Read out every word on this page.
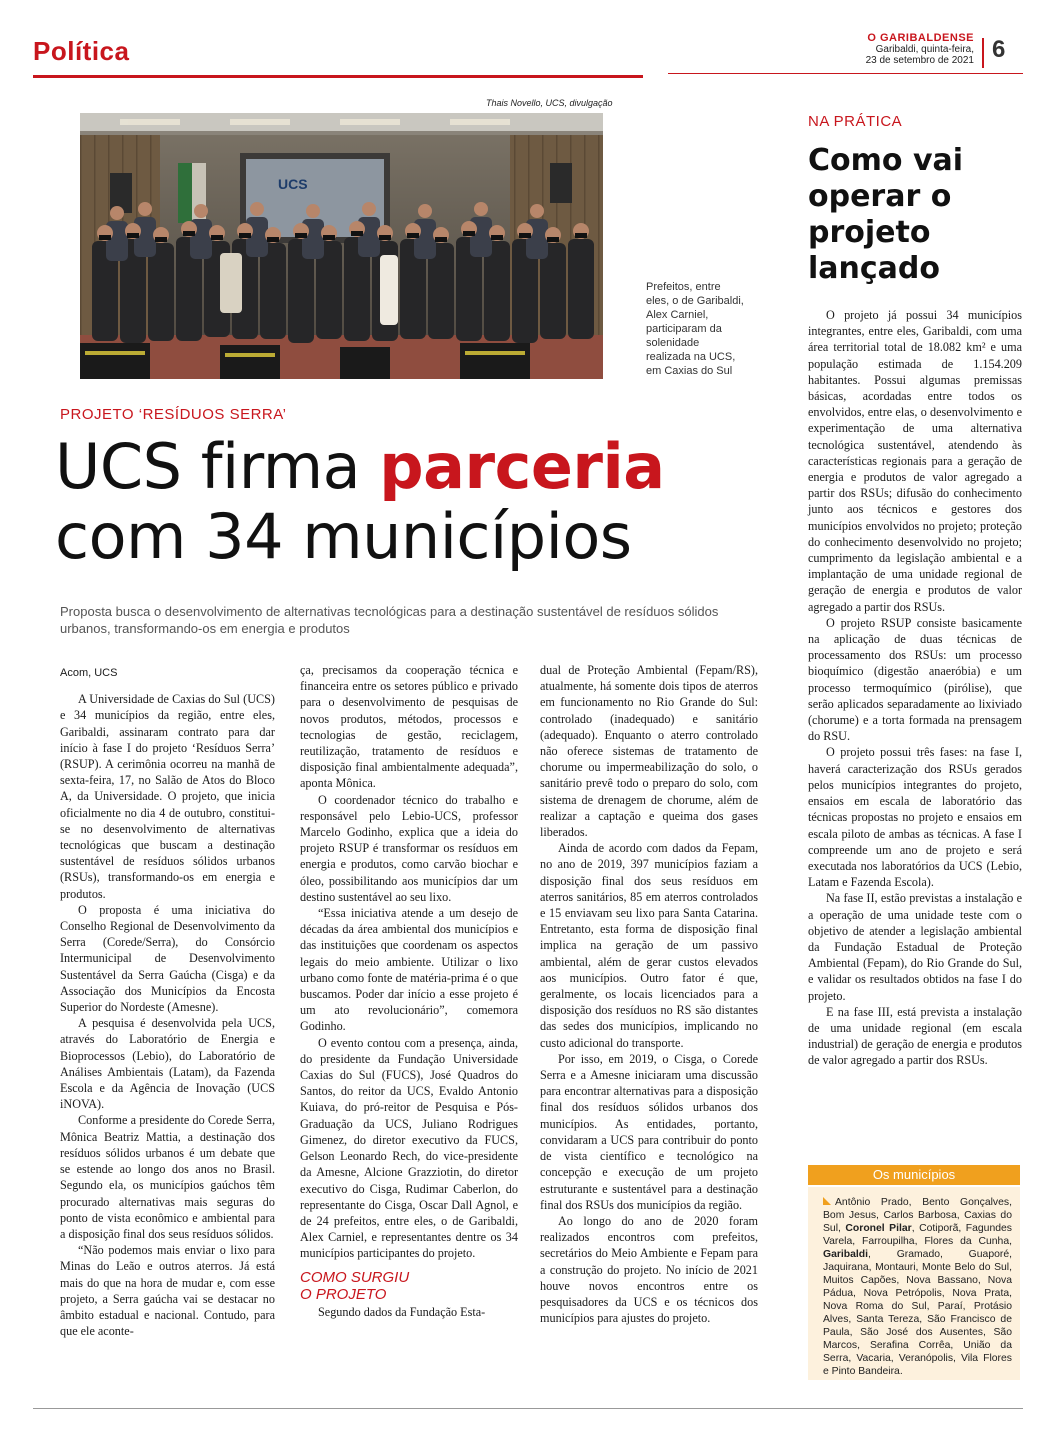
Política	O GARIBALDENSE
Garibaldi, quinta-feira,
23 de setembro de 2021 6
Thais Novello, UCS, divulgação
UCS
Prefeitos, entre eles, o de Garibaldi, Alex Carniel, participaram da solenidade realizada na UCS, em Caxias do Sul
PROJETO ‘RESÍDUOS SERRA’
UCS firma parceria
com 34 municípios
Proposta busca o desenvolvimento de alternativas tecnológicas para a destinação sustentável de resíduos sólidos urbanos, transformando-os em energia e produtos

Acom, UCS

A Universidade de Caxias do Sul (UCS) e 34 municípios da região, entre eles, Garibaldi, assinaram contrato para dar início à fase I do projeto ‘Resíduos Serra’ (RSUP). A cerimônia ocorreu na manhã de sexta-feira, 17, no Salão de Atos do Bloco A, da Universidade. O projeto, que inicia oficialmente no dia 4 de outubro, constitui-se no desenvolvimento de alternativas tecnológicas que buscam a destinação sustentável de resíduos sólidos urbanos (RSUs), transformando-os em energia e produtos.

O proposta é uma iniciativa do Conselho Regional de Desenvolvimento da Serra (Corede/Serra), do Consórcio Intermunicipal de Desenvolvimento Sustentável da Serra Gaúcha (Cisga) e da Associação dos Municípios da Encosta Superior do Nordeste (Amesne).

A pesquisa é desenvolvida pela UCS, através do Laboratório de Energia e Bioprocessos (Lebio), do Laboratório de Análises Ambientais (Latam), da Fazenda Escola e da Agência de Inovação (UCS iNOVA).

Conforme a presidente do Corede Serra, Mônica Beatriz Mattia, a destinação dos resíduos sólidos urbanos é um debate que se estende ao longo dos anos no Brasil. Segundo ela, os municípios gaúchos têm procurado alternativas mais seguras do ponto de vista econômico e ambiental para a disposição final dos seus resíduos sólidos.

“Não podemos mais enviar o lixo para Minas do Leão e outros aterros. Já está mais do que na hora de mudar e, com esse projeto, a Serra gaúcha vai se destacar no âmbito estadual e nacional. Contudo, para que ele aconte-

ça, precisamos da cooperação técnica e financeira entre os setores público e privado para o desenvolvimento de pesquisas de novos produtos, métodos, processos e tecnologias de gestão, reciclagem, reutilização, tratamento de resíduos e disposição final ambientalmente adequada”, aponta Mônica.

O coordenador técnico do trabalho e responsável pelo Lebio-UCS, professor Marcelo Godinho, explica que a ideia do projeto RSUP é transformar os resíduos em energia e produtos, como carvão biochar e óleo, possibilitando aos municípios dar um destino sustentável ao seu lixo.

“Essa iniciativa atende a um desejo de décadas da área ambiental dos municípios e das instituições que coordenam os aspectos legais do meio ambiente. Utilizar o lixo urbano como fonte de matéria-prima é o que buscamos. Poder dar início a esse projeto é um ato revolucionário”, comemora Godinho.

O evento contou com a presença, ainda, do presidente da Fundação Universidade Caxias do Sul (FUCS), José Quadros do Santos, do reitor da UCS, Evaldo Antonio Kuiava, do pró-reitor de Pesquisa e Pós-Graduação da UCS, Juliano Rodrigues Gimenez, do diretor executivo da FUCS, Gelson Leonardo Rech, do vice-presidente da Amesne, Alcione Grazziotin, do diretor executivo do Cisga, Rudimar Caberlon, do representante do Cisga, Oscar Dall Agnol, e de 24 prefeitos, entre eles, o de Garibaldi, Alex Carniel, e representantes dentre os 34 municípios participantes do projeto.

COMO SURGIU

O PROJETO

Segundo dados da Fundação Esta-

dual de Proteção Ambiental (Fepam/RS), atualmente, há somente dois tipos de aterros em funcionamento no Rio Grande do Sul: controlado (inadequado) e sanitário (adequado). Enquanto o aterro controlado não oferece sistemas de tratamento de chorume ou impermeabilização do solo, o sanitário prevê todo o preparo do solo, com sistema de drenagem de chorume, além de realizar a captação e queima dos gases liberados.

Ainda de acordo com dados da Fepam, no ano de 2019, 397 municípios faziam a disposição final dos seus resíduos em aterros sanitários, 85 em aterros controlados e 15 enviavam seu lixo para Santa Catarina. Entretanto, esta forma de disposição final implica na geração de um passivo ambiental, além de gerar custos elevados aos municípios. Outro fator é que, geralmente, os locais licenciados para a disposição dos resíduos no RS são distantes das sedes dos municípios, implicando no custo adicional do transporte.

Por isso, em 2019, o Cisga, o Corede Serra e a Amesne iniciaram uma discussão para encontrar alternativas para a disposição final dos resíduos sólidos urbanos dos municípios. As entidades, portanto, convidaram a UCS para contribuir do ponto de vista científico e tecnológico na concepção e execução de um projeto estruturante e sustentável para a destinação final dos RSUs dos municípios da região.

Ao longo do ano de 2020 foram realizados encontros com prefeitos, secretários do Meio Ambiente e Fepam para a construção do projeto. No início de 2021 houve novos encontros entre os pesquisadores da UCS e os técnicos dos municípios para ajustes do projeto.

NA PRÁTICA
Como vai operar o projeto lançado

O projeto já possui 34 municípios integrantes, entre eles, Garibaldi, com uma área territorial total de 18.082 km² e uma população estimada de 1.154.209 habitantes. Possui algumas premissas básicas, acordadas entre todos os envolvidos, entre elas, o desenvolvimento e experimentação de uma alternativa tecnológica sustentável, atendendo às características regionais para a geração de energia e produtos de valor agregado a partir dos RSUs; difusão do conhecimento junto aos técnicos e gestores dos municípios envolvidos no projeto; proteção do conhecimento desenvolvido no projeto; cumprimento da legislação ambiental e a implantação de uma unidade regional de geração de energia e produtos de valor agregado a partir dos RSUs.

O projeto RSUP consiste basicamente na aplicação de duas técnicas de processamento dos RSUs: um processo bioquímico (digestão anaeróbia) e um processo termoquímico (pirólise), que serão aplicados separadamente ao lixiviado (chorume) e a torta formada na prensagem do RSU.

O projeto possui três fases: na fase I, haverá caracterização dos RSUs gerados pelos municípios integrantes do projeto, ensaios em escala de laboratório das técnicas propostas no projeto e ensaios em escala piloto de ambas as técnicas. A fase I compreende um ano de projeto e será executada nos laboratórios da UCS (Lebio, Latam e Fazenda Escola).

Na fase II, estão previstas a instalação e a operação de uma unidade teste com o objetivo de atender a legislação ambiental da Fundação Estadual de Proteção Ambiental (Fepam), do Rio Grande do Sul, e validar os resultados obtidos na fase I do projeto.

E na fase III, está prevista a instalação de uma unidade regional (em escala industrial) de geração de energia e produtos de valor agregado a partir dos RSUs.

Os municípios
Antônio Prado, Bento Gonçalves, Bom Jesus, Carlos Barbosa, Caxias do Sul, Coronel Pilar, Cotiporã, Fagundes Varela, Farroupilha, Flores da Cunha, Garibaldi, Gramado, Guaporé, Jaquirana, Montauri, Monte Belo do Sul, Muitos Capões, Nova Bassano, Nova Pádua, Nova Petrópolis, Nova Prata, Nova Roma do Sul, Paraí, Protásio Alves, Santa Tereza, São Francisco de Paula, São José dos Ausentes, São Marcos, Serafina Corrêa, União da Serra, Vacaria, Veranópolis, Vila Flores e Pinto Bandeira.
